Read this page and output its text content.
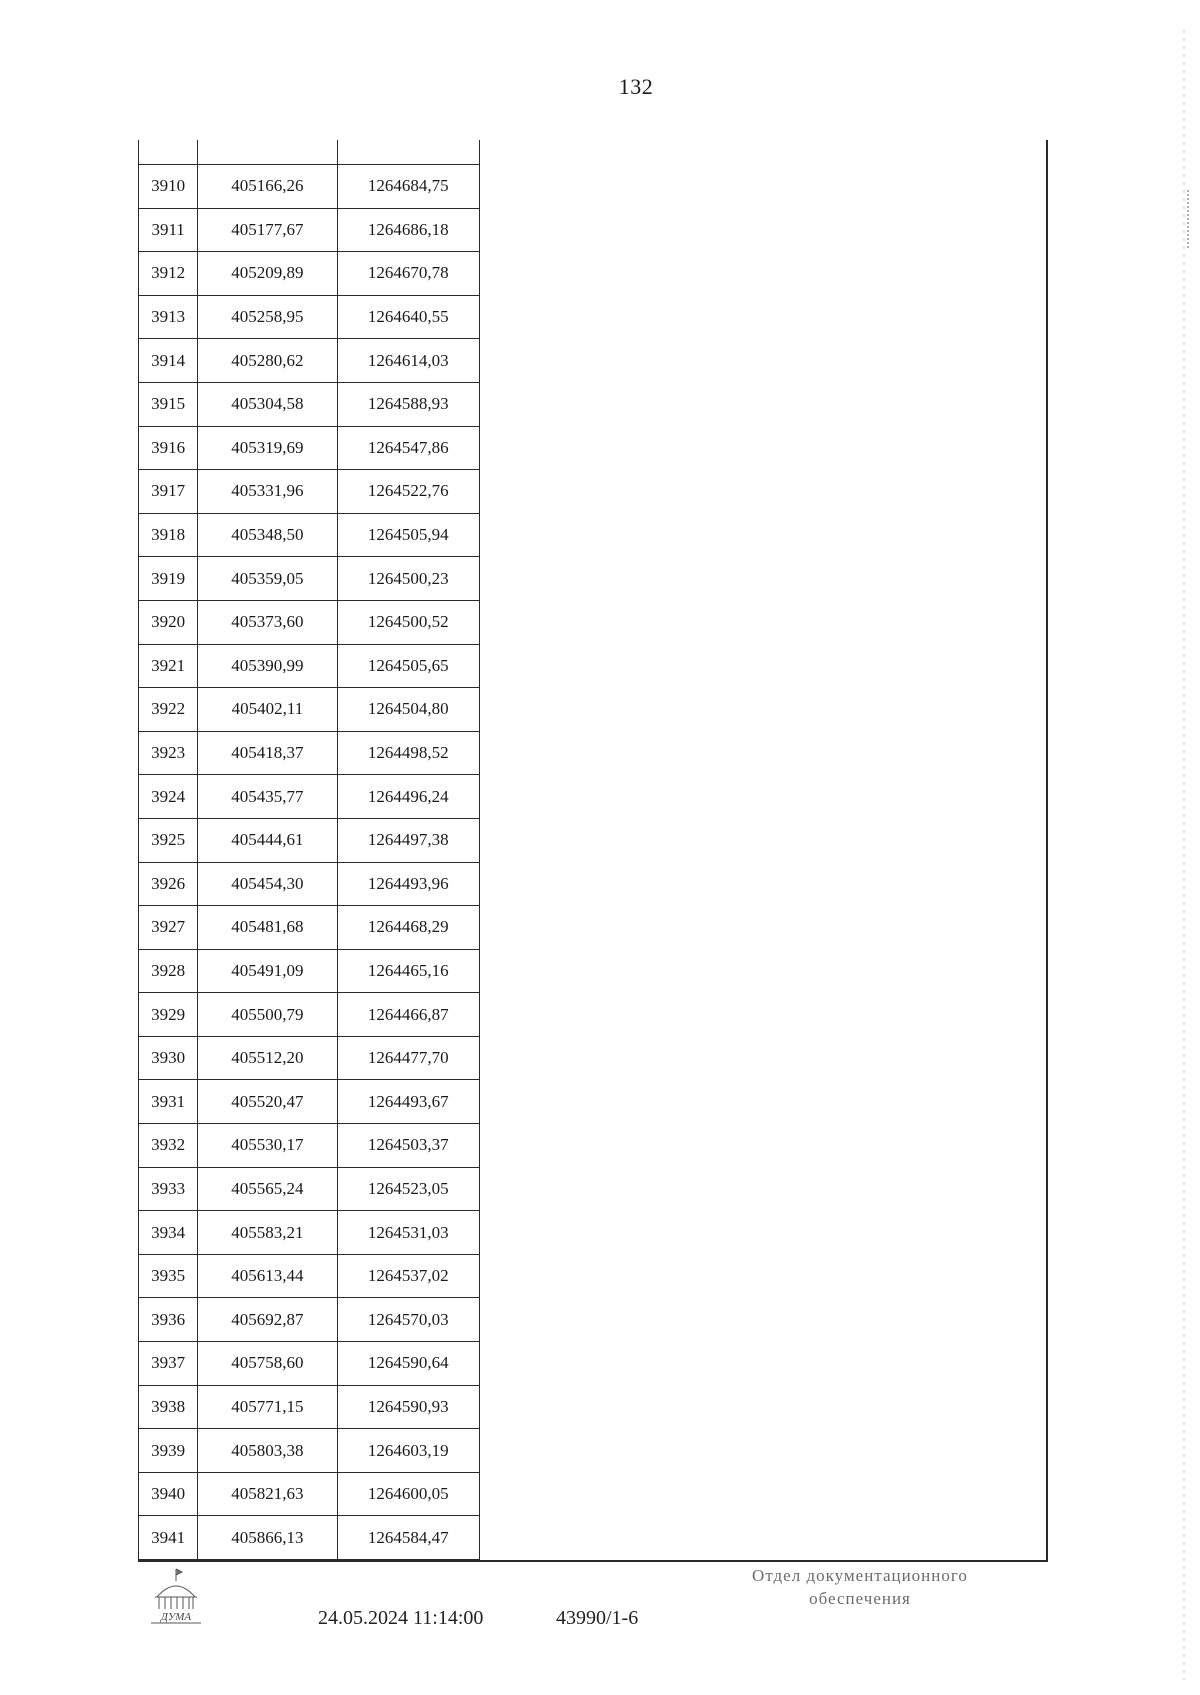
132

3910	405166,26	1264684,75
3911	405177,67	1264686,18
3912	405209,89	1264670,78
3913	405258,95	1264640,55
3914	405280,62	1264614,03
3915	405304,58	1264588,93
3916	405319,69	1264547,86
3917	405331,96	1264522,76
3918	405348,50	1264505,94
3919	405359,05	1264500,23
3920	405373,60	1264500,52
3921	405390,99	1264505,65
3922	405402,11	1264504,80
3923	405418,37	1264498,52
3924	405435,77	1264496,24
3925	405444,61	1264497,38
3926	405454,30	1264493,96
3927	405481,68	1264468,29
3928	405491,09	1264465,16
3929	405500,79	1264466,87
3930	405512,20	1264477,70
3931	405520,47	1264493,67
3932	405530,17	1264503,37
3933	405565,24	1264523,05
3934	405583,21	1264531,03
3935	405613,44	1264537,02
3936	405692,87	1264570,03
3937	405758,60	1264590,64
3938	405771,15	1264590,93
3939	405803,38	1264603,19
3940	405821,63	1264600,05
3941	405866,13	1264584,47
ДУМА	24.05.2024 11:14:00	43990/1-6
Отдел документационного
обеспечения
